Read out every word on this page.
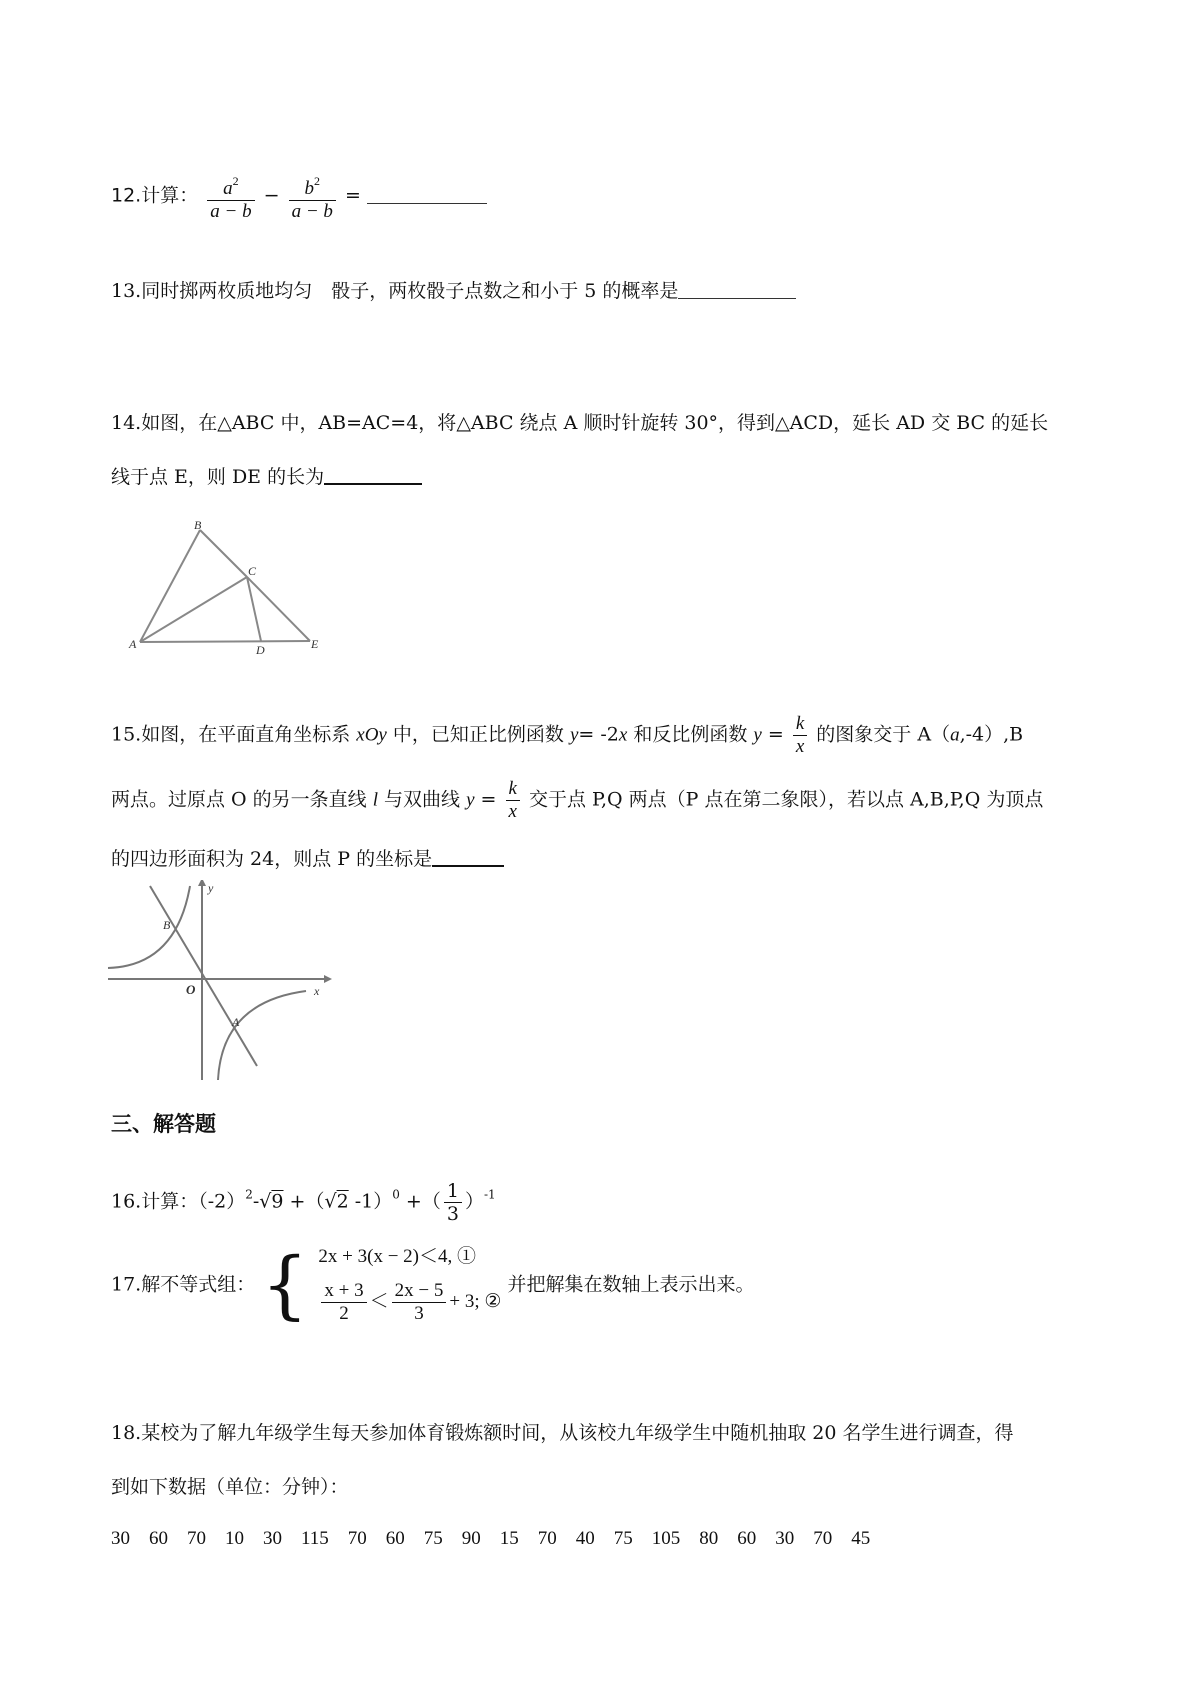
12.计算： $\frac{a^2}{a - b} - \frac{b^2}{a - b}$ =
13.同时掷两枚质地均匀　骰子，两枚骰子点数之和小于 5 的概率是
14.如图，在△ABC 中，AB=AC=4，将△ABC 绕点 A 顺时针旋转 30°，得到△ACD，延长 AD 交 BC 的延长
线于点 E，则 DE 的长为
B
C
A	D	E
15.如图，在平面直角坐标系 xOy 中，已知正比例函数 y= -2x 和反比例函数 $y = \frac{k}{x}$ 的图象交于 A（a,-4）,B
两点。过原点 O 的另一条直线 l 与双曲线 $y = \frac{k}{x}$ 交于点 P,Q 两点（P 点在第二象限），若以点 A,B,P,Q 为顶点
的四边形面积为 24，则点 P 的坐标是
y
x
O
A
B
三、解答题
16.计算：$(-2)^2-√9 +(√2$ -1）$^0$ +（ $\frac{1}{3} )^{-1}$
17.解不等式组： { 2x + 3(x − 2)＜4, ①
$\frac{x + 3}{2} < \frac{2x - 5}{3} + 3$; ②
并把解集在数轴上表示出来。
18.某校为了解九年级学生每天参加体育锻炼额时间，从该校九年级学生中随机抽取 20 名学生进行调查，得
到如下数据（单位：分钟）：
30　60　70　10　30　115　70　60　75　90　15　70　40　75　105　80　60　30　70　45
